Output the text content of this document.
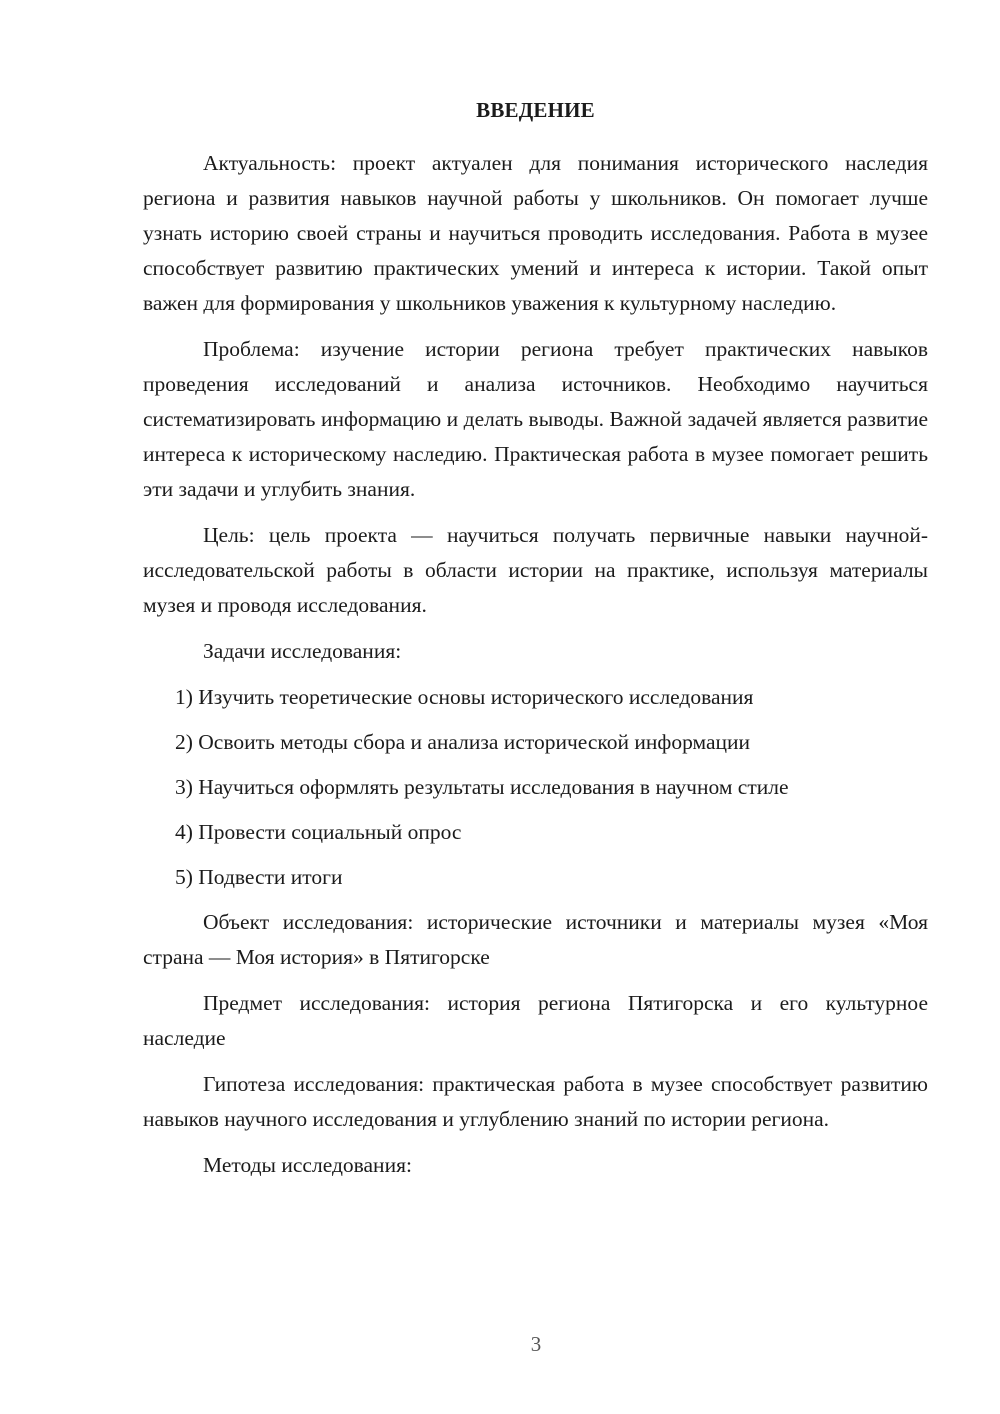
ВВЕДЕНИЕ

Актуальность: проект актуален для понимания исторического наследия региона и развития навыков научной работы у школьников. Он помогает лучше узнать историю своей страны и научиться проводить исследования. Работа в музее способствует развитию практических умений и интереса к истории. Такой опыт важен для формирования у школьников уважения к культурному наследию.

Проблема: изучение истории региона требует практических навыков проведения исследований и анализа источников. Необходимо научиться систематизировать информацию и делать выводы. Важной задачей является развитие интереса к историческому наследию. Практическая работа в музее помогает решить эти задачи и углубить знания.

Цель: цель проекта — научиться получать первичные навыки научной-исследовательской работы в области истории на практике, используя материалы музея и проводя исследования.

Задачи исследования:

1) Изучить теоретические основы исторического исследования
2) Освоить методы сбора и анализа исторической информации
3) Научиться оформлять результаты исследования в научном стиле
4) Провести социальный опрос
5) Подвести итоги

Объект исследования: исторические источники и материалы музея «Моя страна — Моя история» в Пятигорске

Предмет исследования: история региона Пятигорска и его культурное наследие

Гипотеза исследования: практическая работа в музее способствует развитию навыков научного исследования и углублению знаний по истории региона.

Методы исследования:

3
